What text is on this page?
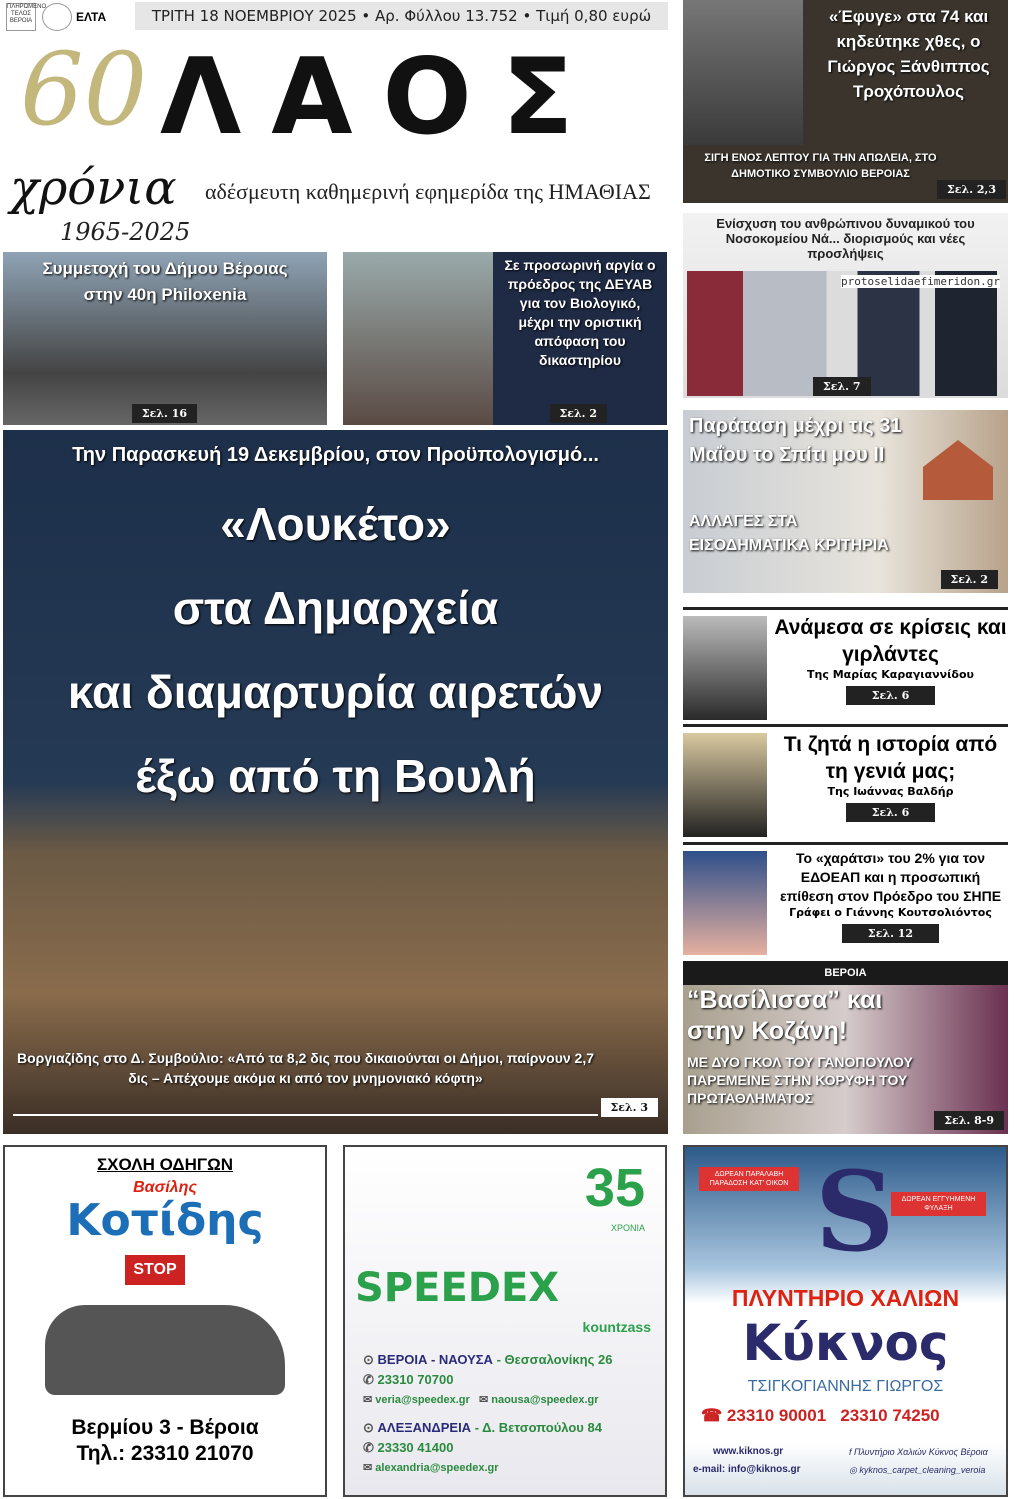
ΠΛΗΡΩΜΕΝΟ ΤΕΛΟΣ ΒΕΡΟΙΑ	ΕΛΤΑ	ΤΡΙΤΗ 18 ΝΟΕΜΒΡΙΟΥ 2025 • Αρ. Φύλλου 13.752 • Τιμή 0,80 ευρώ
60 ΛΑΟΣ
χρόνια αδέσμευτη καθημερινή εφημερίδα της ΗΜΑΘΙΑΣ
1965-2025
Συμμετοχή του Δήμου Βέροιας στην 40η Philoxenia
Σελ. 16
Σε προσωρινή αργία ο πρόεδρος της ΔΕΥΑΒ για τον Βιολογικό, μέχρι την οριστική απόφαση του δικαστηρίου
Σελ. 2
Την Παρασκευή 19 Δεκεμβρίου, στον Προϋπολογισμό...
«Λουκέτο»
στα Δημαρχεία
και διαμαρτυρία αιρετών
έξω από τη Βουλή
Βοργιαζίδης στο Δ. Συμβούλιο: «Από τα 8,2 δις που δικαιούνται οι Δήμοι, παίρνουν 2,7 δις – Απέχουμε ακόμα κι από τον μνημονιακό κόφτη»
Σελ. 3
«Έφυγε» στα 74 και κηδεύτηκε χθες, ο Γιώργος Ξάνθιππος Τροχόπουλος
ΣΙΓΗ ΕΝΟΣ ΛΕΠΤΟΥ ΓΙΑ ΤΗΝ ΑΠΩΛΕΙΑ, ΣΤΟ ΔΗΜΟΤΙΚΟ ΣΥΜΒΟΥΛΙΟ ΒΕΡΟΙΑΣ
Σελ. 2,3
Ενίσχυση του ανθρώπινου δυναμικού του Νοσοκομείου Νά... διορισμούς και νέες προσλήψεις
protoselidaefimeridon.gr
Σελ. 7
Παράταση μέχρι τις 31 Μαΐου το Σπίτι μου ΙΙ
ΑΛΛΑΓΕΣ ΣΤΑ ΕΙΣΟΔΗΜΑΤΙΚΑ ΚΡΙΤΗΡΙΑ
Σελ. 2
Ανάμεσα σε κρίσεις και γιρλάντες
Της Μαρίας Καραγιαννίδου
Σελ. 6
Τι ζητά η ιστορία από τη γενιά μας;
Της Ιωάννας Βαλδήρ
Σελ. 6
Το «χαράτσι» του 2% για τον ΕΔΟΕΑΠ και η προσωπική επίθεση στον Πρόεδρο του ΣΗΠΕ
Γράφει ο Γιάννης Κουτσολιόντος
Σελ. 12
ΒΕΡΟΙΑ
“Βασίλισσα” και στην Κοζάνη!
ΜΕ ΔΥΟ ΓΚΟΛ ΤΟΥ ΓΑΝΟΠΟΥΛΟΥ ΠΑΡΕΜΕΙΝΕ ΣΤΗΝ ΚΟΡΥΦΗ ΤΟΥ ΠΡΩΤΑΘΛΗΜΑΤΟΣ
Σελ. 8-9
ΣΧΟΛΗ ΟΔΗΓΩΝ
Βασίλης
Κοτίδης
STOP
Βερμίου 3 - Βέροια
Τηλ.: 23310 21070
35
ΧΡΟΝΙΑ
SPEEDEX
kountzass
⊙ ΒΕΡΟΙΑ - ΝΑΟΥΣΑ - Θεσσαλονίκης 26
✆ 23310 70700
✉ veria@speedex.gr ✉ naousa@speedex.gr
⊙ ΑΛΕΞΑΝΔΡΕΙΑ - Δ. Βετσοπούλου 84
✆ 23330 41400
✉ alexandria@speedex.gr
ΔΩΡΕΑΝ ΠΑΡΑΛΑΒΗ ΠΑΡΑΔΟΣΗ ΚΑΤ' ΟΙΚΟΝ
ΔΩΡΕΑΝ ΕΓΓΥΗΜΕΝΗ ΦΥΛΑΞΗ
S
ΠΛΥΝΤΗΡΙΟ ΧΑΛΙΩΝ
Κύκνος
ΤΣΙΓΚΟΓΙΑΝΝΗΣ ΓΙΩΡΓΟΣ
☎ 23310 90001   23310 74250
www.kiknos.gr
e-mail: info@kiknos.gr
f Πλυντήριο Χαλιών Κύκνος Βέροια
◎ kyknos_carpet_cleaning_veroia
